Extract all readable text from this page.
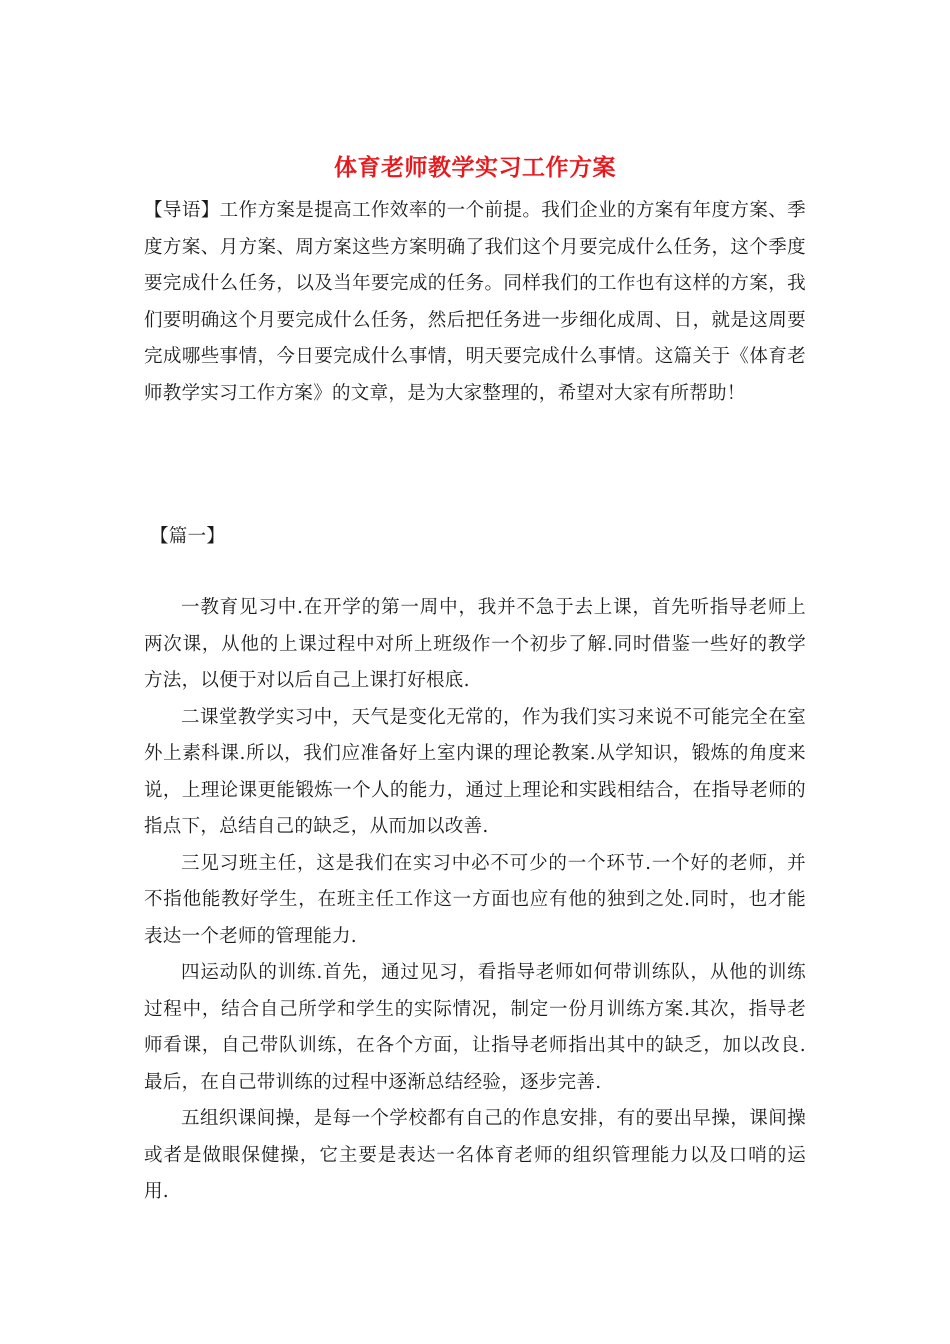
体育老师教学实习工作方案

【导语】工作方案是提高工作效率的一个前提。我们企业的方案有年度方案、季度方案、月方案、周方案这些方案明确了我们这个月要完成什么任务，这个季度要完成什么任务，以及当年要完成的任务。同样我们的工作也有这样的方案，我们要明确这个月要完成什么任务，然后把任务进一步细化成周、日，就是这周要完成哪些事情，今日要完成什么事情，明天要完成什么事情。这篇关于《体育老师教学实习工作方案》的文章，是为大家整理的，希望对大家有所帮助！

【篇一】

一教育见习中.在开学的第一周中，我并不急于去上课，首先听指导老师上两次课，从他的上课过程中对所上班级作一个初步了解.同时借鉴一些好的教学方法，以便于对以后自己上课打好根底.

二课堂教学实习中，天气是变化无常的，作为我们实习来说不可能完全在室外上素科课.所以，我们应准备好上室内课的理论教案.从学知识，锻炼的角度来说，上理论课更能锻炼一个人的能力，通过上理论和实践相结合，在指导老师的指点下，总结自己的缺乏，从而加以改善.

三见习班主任，这是我们在实习中必不可少的一个环节.一个好的老师，并不指他能教好学生，在班主任工作这一方面也应有他的独到之处.同时，也才能表达一个老师的管理能力.

四运动队的训练.首先，通过见习，看指导老师如何带训练队，从他的训练过程中，结合自己所学和学生的实际情况，制定一份月训练方案.其次，指导老师看课，自己带队训练，在各个方面，让指导老师指出其中的缺乏，加以改良.最后，在自己带训练的过程中逐渐总结经验，逐步完善.

五组织课间操，是每一个学校都有自己的作息安排，有的要出早操，课间操或者是做眼保健操，它主要是表达一名体育老师的组织管理能力以及口哨的运用.
